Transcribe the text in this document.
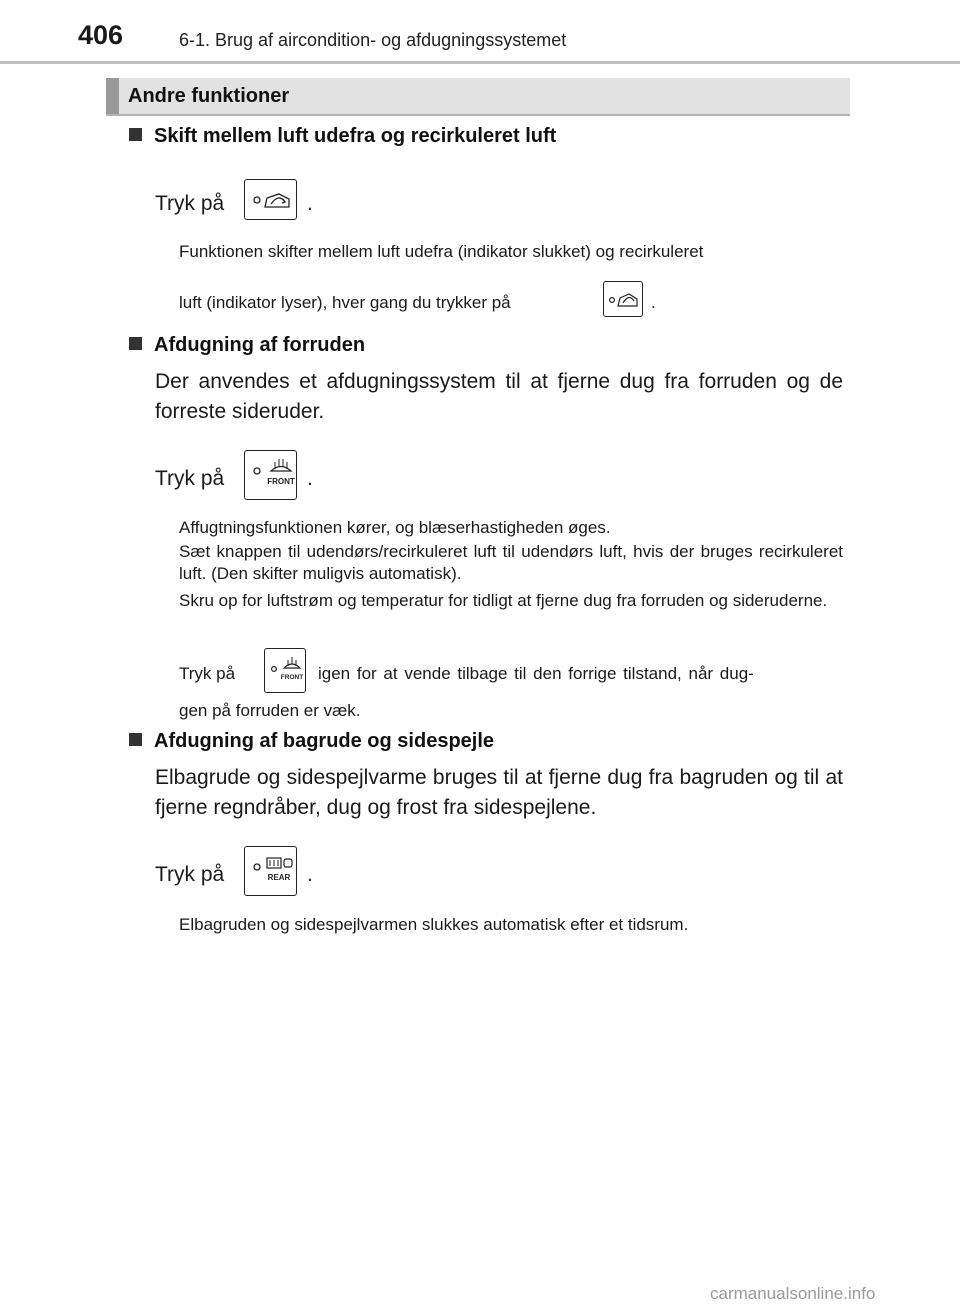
406	6-1. Brug af aircondition- og afdugningssystemet
Andre funktioner
Skift mellem luft udefra og recirkuleret luft
Tryk på	.
Funktionen skifter mellem luft udefra (indikator slukket) og recirkuleret
luft (indikator lyser), hver gang du trykker på	.
Afdugning af forruden
Der anvendes et afdugningssystem til at fjerne dug fra forruden og de forreste sideruder.
Tryk på	FRONT .
Affugtningsfunktionen kører, og blæserhastigheden øges.
Sæt knappen til udendørs/recirkuleret luft til udendørs luft, hvis der bruges recirkuleret luft. (Den skifter muligvis automatisk).
Skru op for luftstrøm og temperatur for tidligt at fjerne dug fra forruden og sideruderne.
Tryk på	FRONT igen for at vende tilbage til den forrige tilstand, når dug-
gen på forruden er væk.
Afdugning af bagrude og sidespejle
Elbagrude og sidespejlvarme bruges til at fjerne dug fra bagruden og til at fjerne regndråber, dug og frost fra sidespejlene.
Tryk på	REAR .
Elbagruden og sidespejlvarmen slukkes automatisk efter et tidsrum.
carmanualsonline.info
